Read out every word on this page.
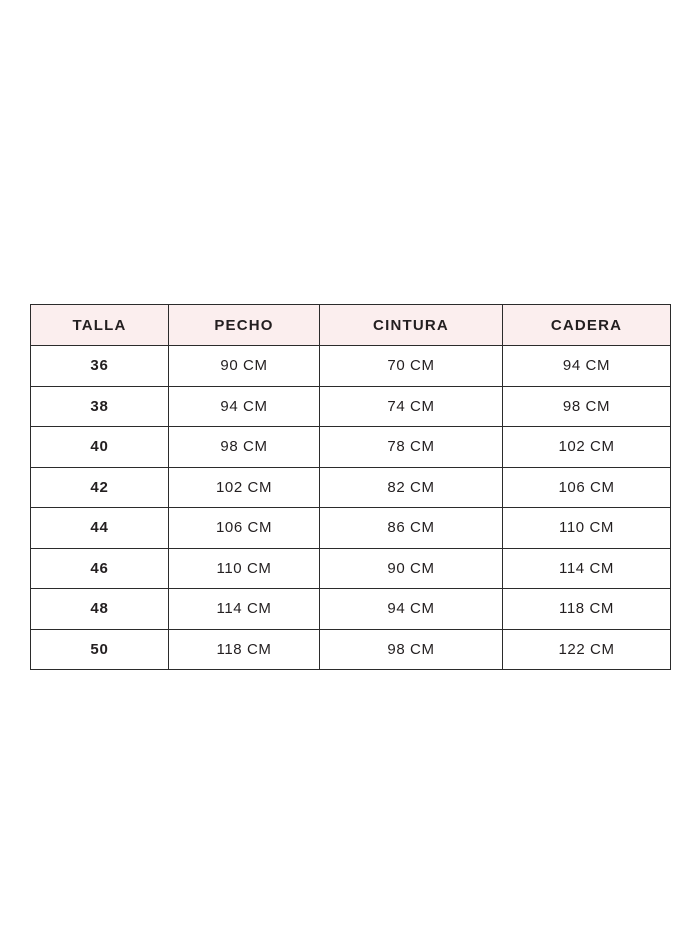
TALLA	PECHO	CINTURA	CADERA
36	90 CM	70 CM	94 CM
38	94 CM	74 CM	98 CM
40	98 CM	78 CM	102 CM
42	102 CM	82 CM	106 CM
44	106 CM	86 CM	110 CM
46	110 CM	90 CM	114 CM
48	114 CM	94 CM	118 CM
50	118 CM	98 CM	122 CM
